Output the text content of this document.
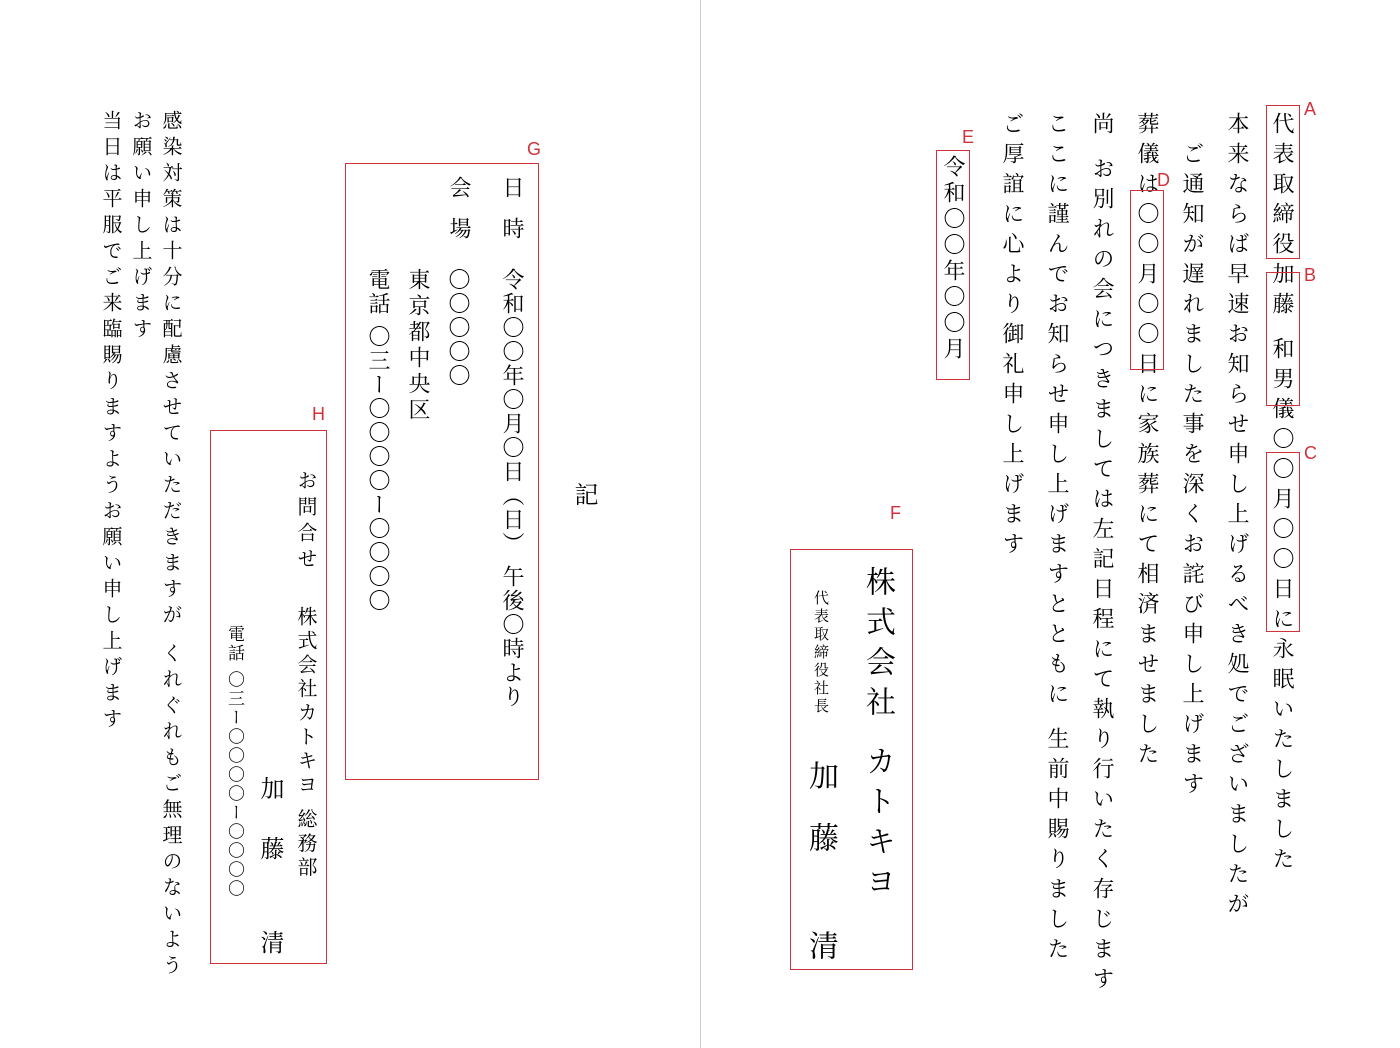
代表取締役加藤 和男儀〇〇月〇〇日に永眠いたしました
本来ならば早速お知らせ申し上げるべき処でございましたが
ご通知が遅れました事を深くお詫び申し上げます
葬儀は〇〇月〇〇日に家族葬にて相済ませました
尚 お別れの会につきましては左記日程にて執り行いたく存じます
ここに謹んでお知らせ申し上げますとともに 生前中賜りました
ご厚誼に心より御礼申し上げます
令和〇〇年〇〇月
株式会社 カトキヨ
代表取締役社長
加
藤
清
A
B
C
D
E
F
記
日 時
令和〇〇年〇月〇日（日） 午後〇時より
会 場
〇〇〇〇〇
東京都中央区
電話 〇三ー〇〇〇〇ー〇〇〇〇
G
お問合せ
株式会社カトキヨ 総務部
加
藤
清
電話 〇三ー〇〇〇〇ー〇〇〇〇
H
感染対策は十分に配慮させていただきますが くれぐれもご無理のないよう
お願い申し上げます
当日は平服でご来臨賜りますようお願い申し上げます
